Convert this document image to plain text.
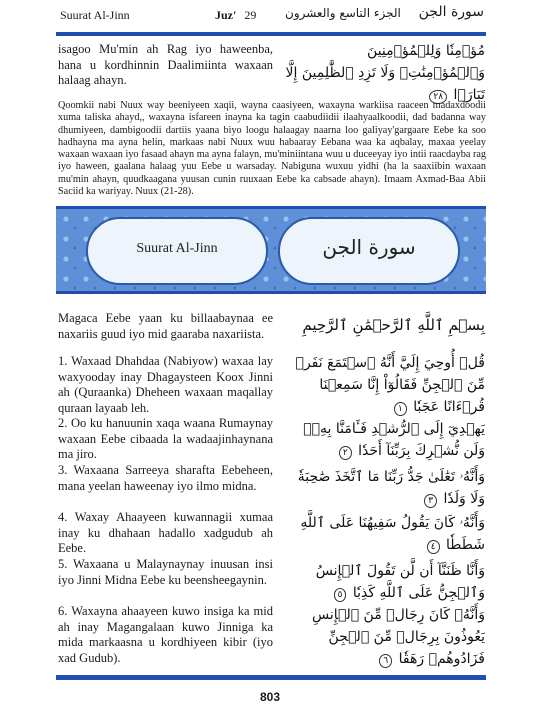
Suurat Al-Jinn	Juz' 29 الجزء التاسع والعشرون سورة الجن
isagoo Mu'min ah Rag iyo haweenba, hana u kordhinnin Daalimiinta waxaan halaag ahayn.
مُؤۡمِنٗا وَلِلۡمُؤۡمِنِينَ وَٱلۡمُؤۡمِنَٰتِۖ وَلَا تَزِدِ ٱلظَّٰلِمِينَ إِلَّا تَبَارَۢا ٢٨
Qoomkii nabi Nuux way beeniyeen xaqii, wayna caasiyeen, waxayna warkiisa raaceen madaxdoodii xuma taliska ahayd,, waxayna isfareen inayna ka tagin caabudiidii ilaahyaalkoodii, dad badanna way dhumiyeen, dambigoodii dartiis yaana biyo loogu halaagay naarna loo galiyay'gargaare Eebe ka soo hadhayna ma ayna helin, markaas nabi Nuux wuu habaaray Eebana waa ka aqbalay, maxaa yeelay waxaan waxaan iyo fasaad ahayn ma ayna falayn, mu'miniintana wuu u duceeyay iyo intii raacdayba rag iyo haween, gaalana halaag yuu Eebe u warsaday. Nabiguna wuxuu yidhi (ha la saaxiibin waxaan mu'min ahayn, quudkaagana yuusan cunin ruuxaan Eebe ka cabsade ahayn). Imaam Axmad-Baa Abii Saciid ka wariyay. Nuux (21-28).
Suurat Al-Jinn	سورة الجن
Magaca Eebe yaan ku billaabaynaa ee naxariis guud iyo mid gaaraba naxariista.	بِسۡمِ ٱللَّهِ ٱلرَّحۡمَٰنِ ٱلرَّحِيمِ
1. Waxaad Dhahdaa (Nabiyow) waxaa lay waxyooday inay Dhagaysteen Koox Jinni ah (Quraanka) Dheheen waxaan maqallay quraan layaab leh.
قُلۡ أُوحِيَ إِلَيَّ أَنَّهُ ٱسۡتَمَعَ نَفَرٞ مِّنَ ٱلۡجِنِّ فَقَالُوٓاْ إِنَّا سَمِعۡنَا قُرۡءَانًا عَجَبٗا ١
2. Oo ku hanuunin xaqa waana Rumaynay waxaan Eebe cibaada la wadaajinhaynana ma jiro.
يَهۡدِيٓ إِلَى ٱلرُّشۡدِ فَـَٔامَنَّا بِهِۦۖ وَلَن نُّشۡرِكَ بِرَبِّنَآ أَحَدٗا ٢
3. Waxaana Sarreeya sharafta Eebeheen, mana yeelan haweenay iyo ilmo midna.
وَأَنَّهُۥ تَعَٰلَىٰ جَدُّ رَبِّنَا مَا ٱتَّخَذَ صَٰحِبَةٗ وَلَا وَلَدٗا ٣
4. Waxay Ahaayeen kuwannagii xumaa inay ku dhahaan hadallo xadgudub ah Eebe.
وَأَنَّهُۥ كَانَ يَقُولُ سَفِيهُنَا عَلَى ٱللَّهِ شَطَطٗا ٤
5. Waxaana u Malaynaynay inuusan insi iyo Jinni Midna Eebe ku beensheegaynin.
وَأَنَّا ظَنَنَّآ أَن لَّن تَقُولَ ٱلۡإِنسُ وَٱلۡجِنُّ عَلَى ٱللَّهِ كَذِبٗا ٥
6. Waxayna ahaayeen kuwo insiga ka mid ah inay Magangalaan kuwo Jinniga ka mida markaasna u kordhiyeen kibir (iyo xad Gudub).
وَأَنَّهُۥ كَانَ رِجَالٞ مِّنَ ٱلۡإِنسِ يَعُوذُونَ بِرِجَالٖ مِّنَ ٱلۡجِنِّ فَزَادُوهُمۡ رَهَقٗا ٦
803
